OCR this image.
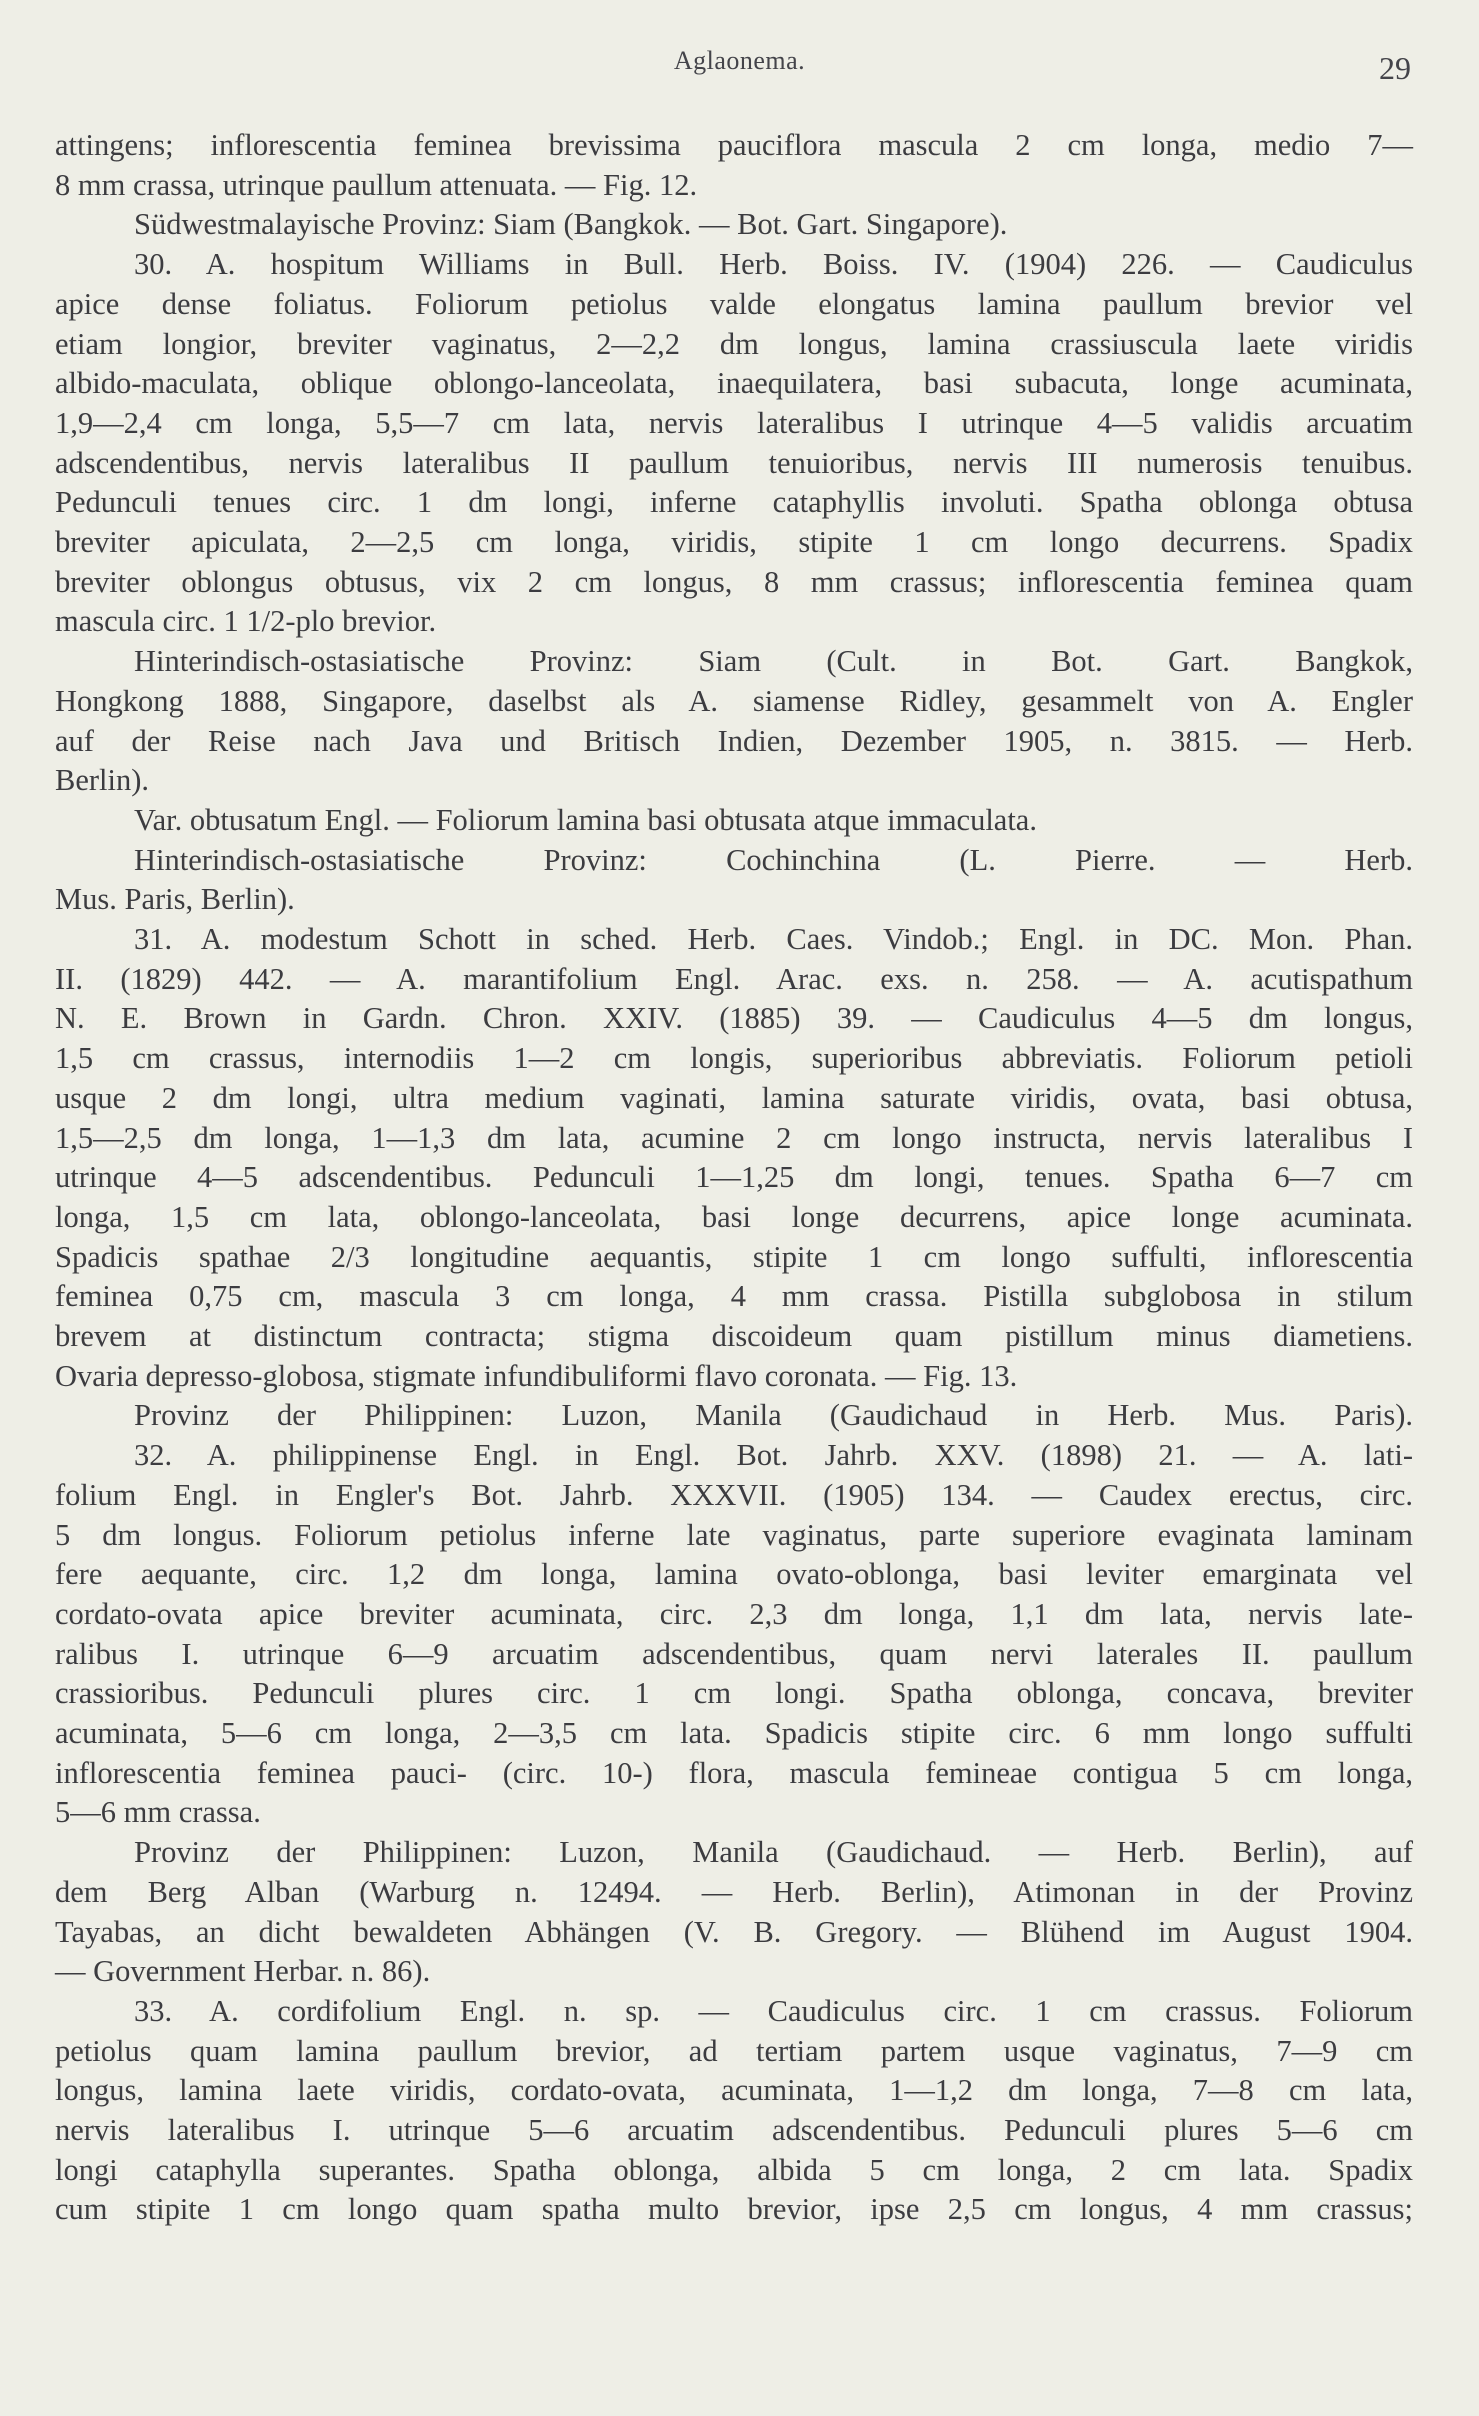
Aglaonema.	29
attingens; inflorescentia feminea brevissima pauciflora mascula 2 cm longa, medio 7—
8 mm crassa, utrinque paullum attenuata. — Fig. 12.
Südwestmalayische Provinz: Siam (Bangkok. — Bot. Gart. Singapore).
30. A. hospitum Williams in Bull. Herb. Boiss. IV. (1904) 226. — Caudiculus
apice dense foliatus. Foliorum petiolus valde elongatus lamina paullum brevior vel
etiam longior, breviter vaginatus, 2—2,2 dm longus, lamina crassiuscula laete viridis
albido-maculata, oblique oblongo-lanceolata, inaequilatera, basi subacuta, longe acuminata,
1,9—2,4 cm longa, 5,5—7 cm lata, nervis lateralibus I utrinque 4—5 validis arcuatim
adscendentibus, nervis lateralibus II paullum tenuioribus, nervis III numerosis tenuibus.
Pedunculi tenues circ. 1 dm longi, inferne cataphyllis involuti. Spatha oblonga obtusa
breviter apiculata, 2—2,5 cm longa, viridis, stipite 1 cm longo decurrens. Spadix
breviter oblongus obtusus, vix 2 cm longus, 8 mm crassus; inflorescentia feminea quam
mascula circ. 1 1/2-plo brevior.
Hinterindisch-ostasiatische Provinz: Siam (Cult. in Bot. Gart. Bangkok,
Hongkong 1888, Singapore, daselbst als A. siamense Ridley, gesammelt von A. Engler
auf der Reise nach Java und Britisch Indien, Dezember 1905, n. 3815. — Herb.
Berlin).
Var. obtusatum Engl. — Foliorum lamina basi obtusata atque immaculata.
Hinterindisch-ostasiatische Provinz: Cochinchina (L. Pierre. — Herb.
Mus. Paris, Berlin).
31. A. modestum Schott in sched. Herb. Caes. Vindob.; Engl. in DC. Mon. Phan.
II. (1829) 442. — A. marantifolium Engl. Arac. exs. n. 258. — A. acutispathum
N. E. Brown in Gardn. Chron. XXIV. (1885) 39. — Caudiculus 4—5 dm longus,
1,5 cm crassus, internodiis 1—2 cm longis, superioribus abbreviatis. Foliorum petioli
usque 2 dm longi, ultra medium vaginati, lamina saturate viridis, ovata, basi obtusa,
1,5—2,5 dm longa, 1—1,3 dm lata, acumine 2 cm longo instructa, nervis lateralibus I
utrinque 4—5 adscendentibus. Pedunculi 1—1,25 dm longi, tenues. Spatha 6—7 cm
longa, 1,5 cm lata, oblongo-lanceolata, basi longe decurrens, apice longe acuminata.
Spadicis spathae 2/3 longitudine aequantis, stipite 1 cm longo suffulti, inflorescentia
feminea 0,75 cm, mascula 3 cm longa, 4 mm crassa. Pistilla subglobosa in stilum
brevem at distinctum contracta; stigma discoideum quam pistillum minus diametiens.
Ovaria depresso-globosa, stigmate infundibuliformi flavo coronata. — Fig. 13.
Provinz der Philippinen: Luzon, Manila (Gaudichaud in Herb. Mus. Paris).
32. A. philippinense Engl. in Engl. Bot. Jahrb. XXV. (1898) 21. — A. lati-
folium Engl. in Engler's Bot. Jahrb. XXXVII. (1905) 134. — Caudex erectus, circ.
5 dm longus. Foliorum petiolus inferne late vaginatus, parte superiore evaginata laminam
fere aequante, circ. 1,2 dm longa, lamina ovato-oblonga, basi leviter emarginata vel
cordato-ovata apice breviter acuminata, circ. 2,3 dm longa, 1,1 dm lata, nervis late-
ralibus I. utrinque 6—9 arcuatim adscendentibus, quam nervi laterales II. paullum
crassioribus. Pedunculi plures circ. 1 cm longi. Spatha oblonga, concava, breviter
acuminata, 5—6 cm longa, 2—3,5 cm lata. Spadicis stipite circ. 6 mm longo suffulti
inflorescentia feminea pauci- (circ. 10-) flora, mascula femineae contigua 5 cm longa,
5—6 mm crassa.
Provinz der Philippinen: Luzon, Manila (Gaudichaud. — Herb. Berlin), auf
dem Berg Alban (Warburg n. 12494. — Herb. Berlin), Atimonan in der Provinz
Tayabas, an dicht bewaldeten Abhängen (V. B. Gregory. — Blühend im August 1904.
— Government Herbar. n. 86).
33. A. cordifolium Engl. n. sp. — Caudiculus circ. 1 cm crassus. Foliorum
petiolus quam lamina paullum brevior, ad tertiam partem usque vaginatus, 7—9 cm
longus, lamina laete viridis, cordato-ovata, acuminata, 1—1,2 dm longa, 7—8 cm lata,
nervis lateralibus I. utrinque 5—6 arcuatim adscendentibus. Pedunculi plures 5—6 cm
longi cataphylla superantes. Spatha oblonga, albida 5 cm longa, 2 cm lata. Spadix
cum stipite 1 cm longo quam spatha multo brevior, ipse 2,5 cm longus, 4 mm crassus;
